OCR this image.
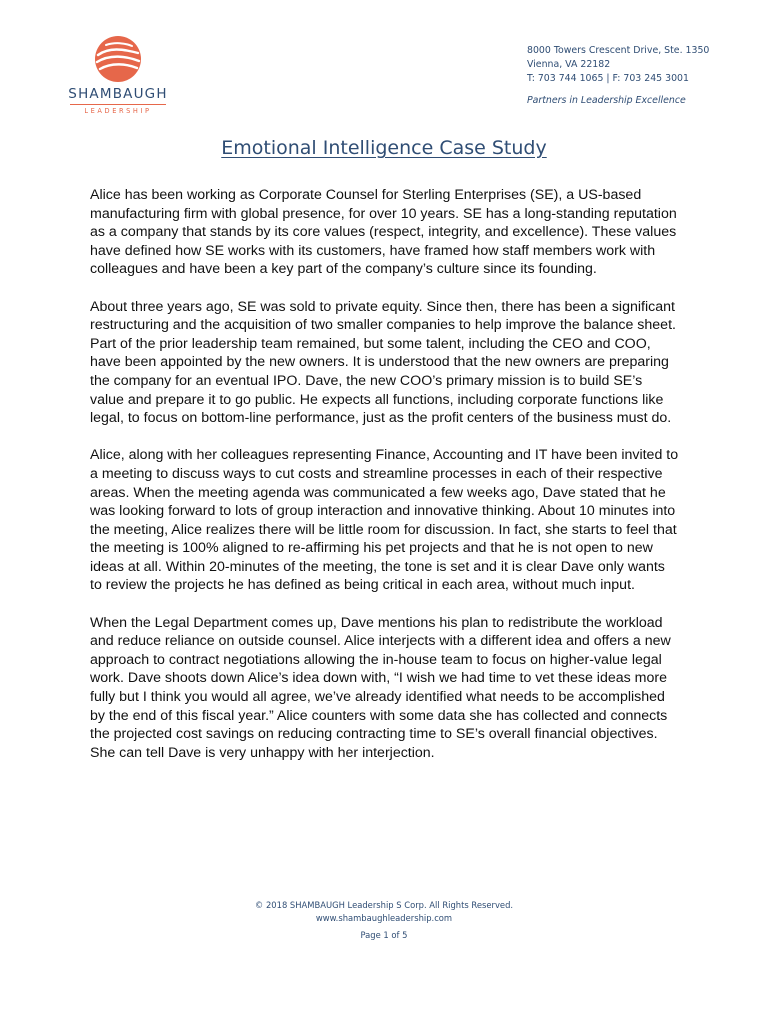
SHAMBAUGH
LEADERSHIP
8000 Towers Crescent Drive, Ste. 1350
Vienna, VA 22182
T: 703 744 1065 | F: 703 245 3001
Partners in Leadership Excellence
Emotional Intelligence Case Study

Alice has been working as Corporate Counsel for Sterling Enterprises (SE), a US-based manufacturing firm with global presence, for over 10 years. SE has a long-standing reputation as a company that stands by its core values (respect, integrity, and excellence). These values have defined how SE works with its customers, have framed how staff members work with colleagues and have been a key part of the company’s culture since its founding.

About three years ago, SE was sold to private equity. Since then, there has been a significant restructuring and the acquisition of two smaller companies to help improve the balance sheet. Part of the prior leadership team remained, but some talent, including the CEO and COO, have been appointed by the new owners. It is understood that the new owners are preparing the company for an eventual IPO. Dave, the new COO’s primary mission is to build SE’s value and prepare it to go public. He expects all functions, including corporate functions like legal, to focus on bottom-line performance, just as the profit centers of the business must do.

Alice, along with her colleagues representing Finance, Accounting and IT have been invited to a meeting to discuss ways to cut costs and streamline processes in each of their respective areas. When the meeting agenda was communicated a few weeks ago, Dave stated that he was looking forward to lots of group interaction and innovative thinking. About 10 minutes into the meeting, Alice realizes there will be little room for discussion. In fact, she starts to feel that the meeting is 100% aligned to re-affirming his pet projects and that he is not open to new ideas at all. Within 20-minutes of the meeting, the tone is set and it is clear Dave only wants to review the projects he has defined as being critical in each area, without much input.

When the Legal Department comes up, Dave mentions his plan to redistribute the workload and reduce reliance on outside counsel. Alice interjects with a different idea and offers a new approach to contract negotiations allowing the in-house team to focus on higher-value legal work. Dave shoots down Alice’s idea down with, “I wish we had time to vet these ideas more fully but I think you would all agree, we’ve already identified what needs to be accomplished by the end of this fiscal year.” Alice counters with some data she has collected and connects the projected cost savings on reducing contracting time to SE’s overall financial objectives. She can tell Dave is very unhappy with her interjection.

© 2018 SHAMBAUGH Leadership S Corp. All Rights Reserved.
www.shambaughleadership.com
Page 1 of 5
